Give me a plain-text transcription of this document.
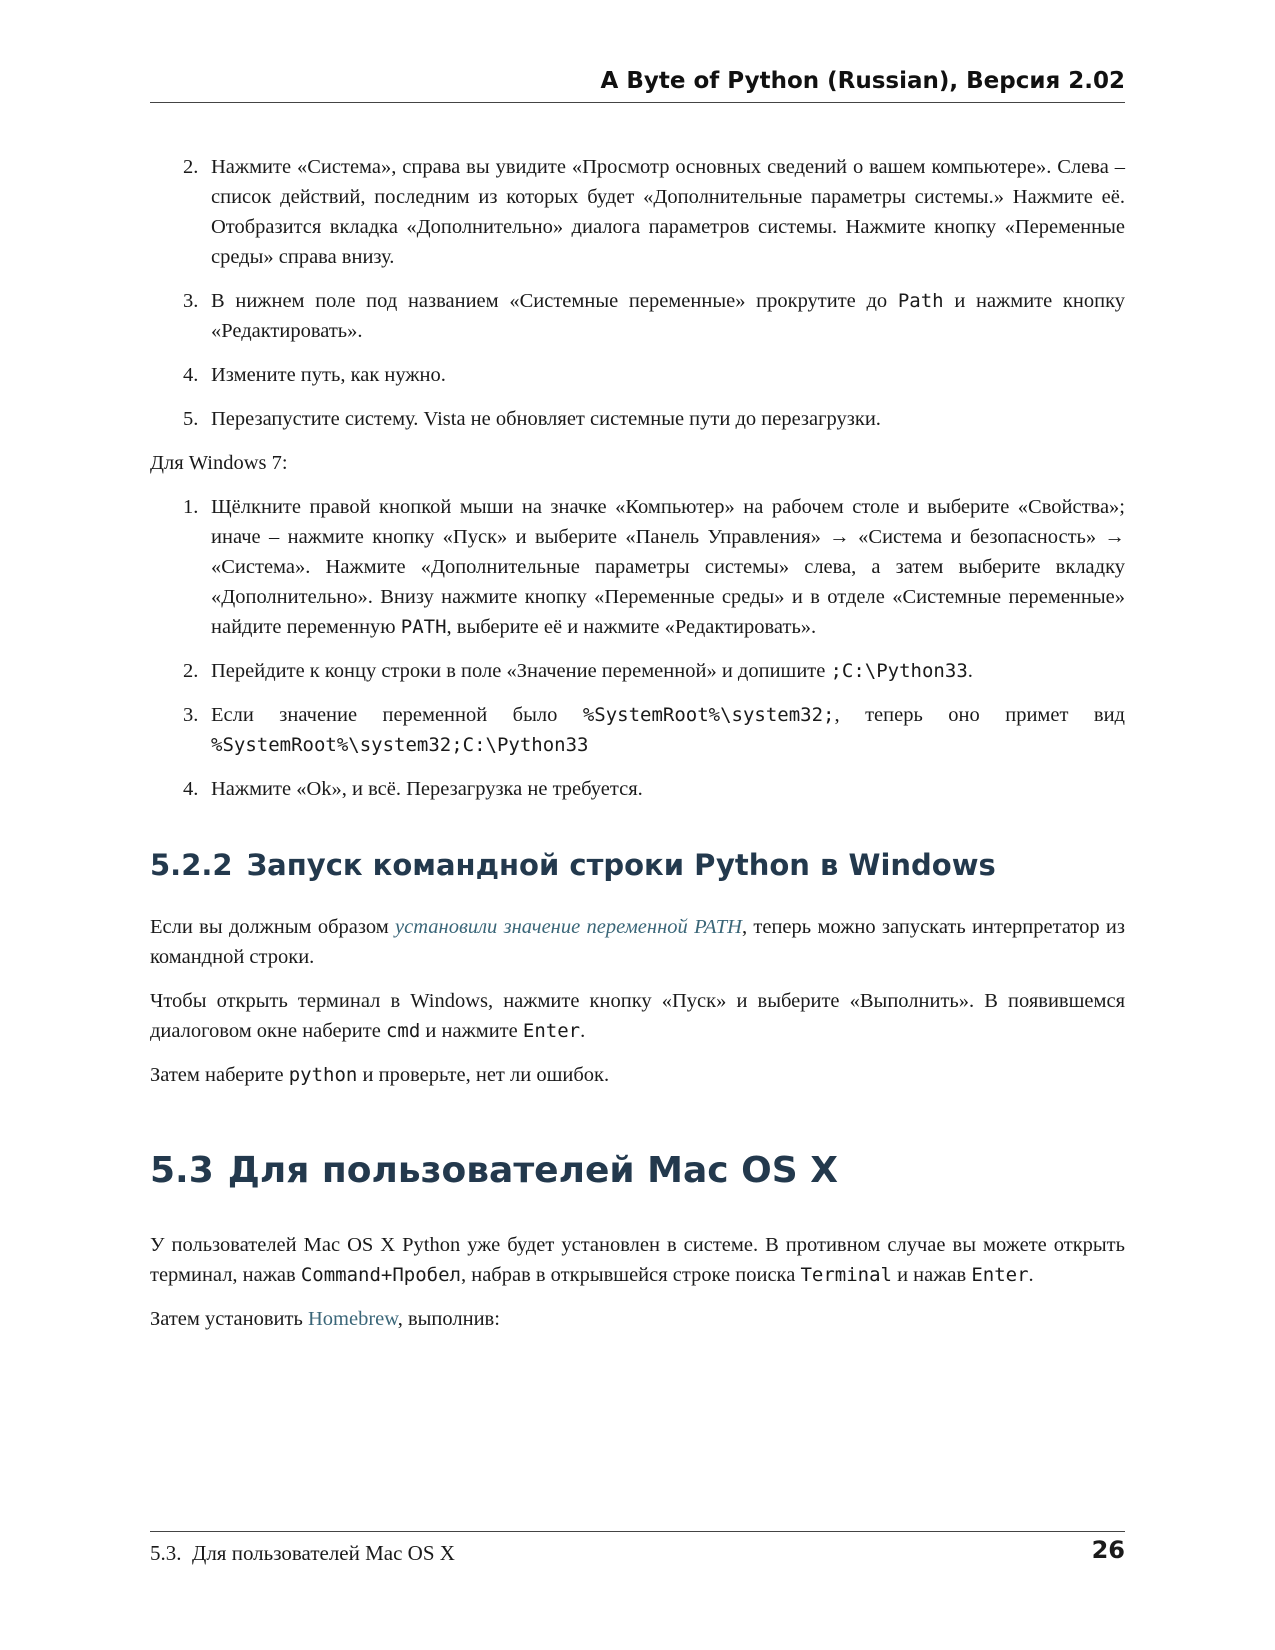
A Byte of Python (Russian), Версия 2.02
2. Нажмите «Система», справа вы увидите «Просмотр основных сведений о вашем компьютере». Слева – список действий, последним из которых будет «Дополнительные параметры системы.» Нажмите её. Отобразится вкладка «Дополнительно» диалога параметров системы. Нажмите кнопку «Переменные среды» справа внизу.
3. В нижнем поле под названием «Системные переменные» прокрутите до Path и нажмите кнопку «Редактировать».
4. Измените путь, как нужно.
5. Перезапустите систему. Vista не обновляет системные пути до перезагрузки.

Для Windows 7:

1. Щёлкните правой кнопкой мыши на значке «Компьютер» на рабочем столе и выберите «Свойства»; иначе – нажмите кнопку «Пуск» и выберите «Панель Управления» → «Система и безопасность» → «Система». Нажмите «Дополнительные параметры системы» слева, а затем выберите вкладку «Дополнительно». Внизу нажмите кнопку «Переменные среды» и в отделе «Системные переменные» найдите переменную PATH, выберите её и нажмите «Редактировать».
2. Перейдите к концу строки в поле «Значение переменной» и допишите ;C:\Python33.
3. Если значение переменной было %SystemRoot%\system32;, теперь оно примет вид %SystemRoot%\system32;C:\Python33
4. Нажмите «Ok», и всё. Перезагрузка не требуется.
5.2.2 Запуск командной строки Python в Windows

Если вы должным образом установили значение переменной PATH, теперь можно запускать интерпретатор из командной строки.

Чтобы открыть терминал в Windows, нажмите кнопку «Пуск» и выберите «Выполнить». В появившемся диалоговом окне наберите cmd и нажмите Enter.

Затем наберите python и проверьте, нет ли ошибок.

5.3 Для пользователей Mac OS X

У пользователей Mac OS X Python уже будет установлен в системе. В противном случае вы можете открыть терминал, нажав Command+Пробел, набрав в открывшейся строке поиска Terminal и нажав Enter.

Затем установить Homebrew, выполнив:

5.3.  Для пользователей Mac OS X	26
